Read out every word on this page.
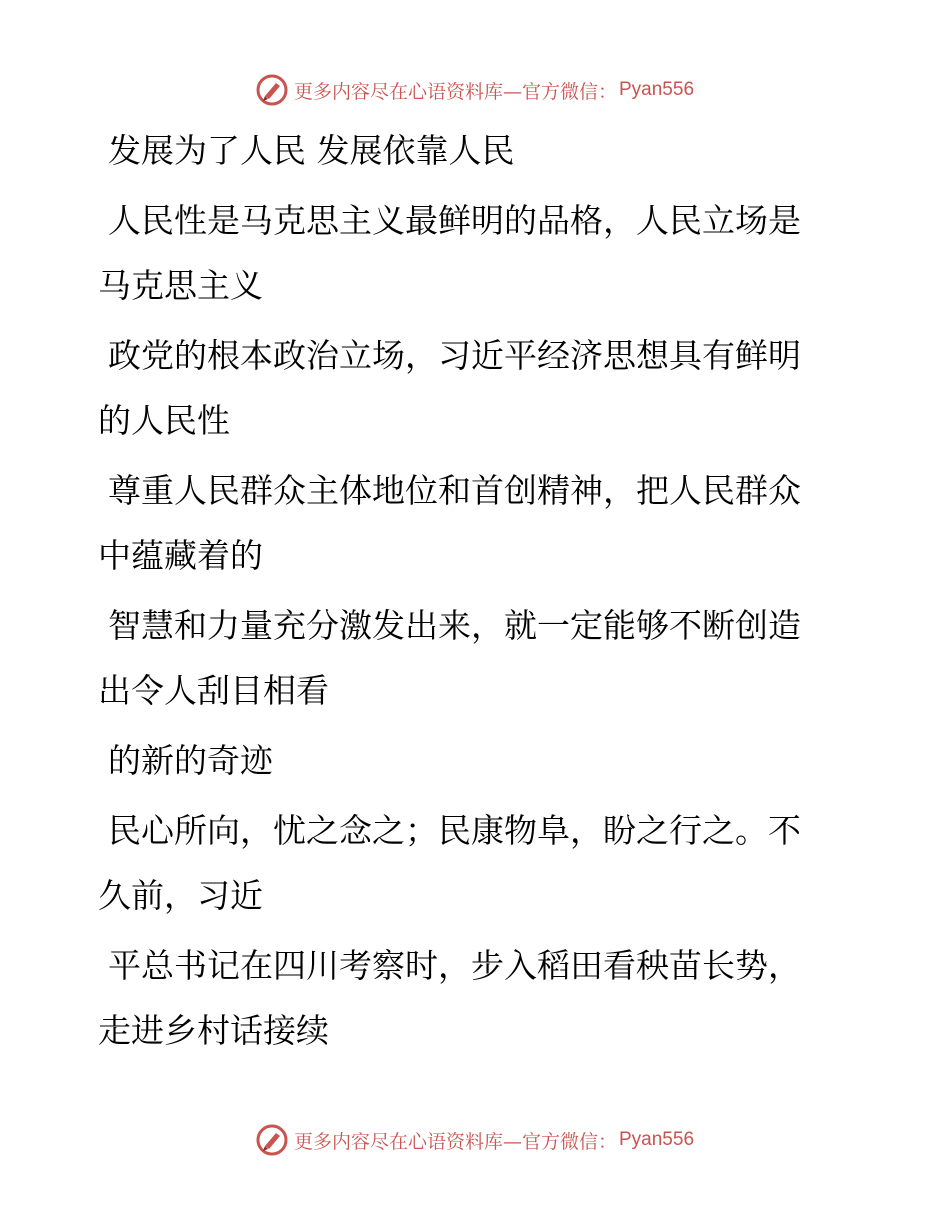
更多内容尽在心语资料库—官方微信： Pyan556
发展为了人民 发展依靠人民
人民性是马克思主义最鲜明的品格，人民立场是
马克思主义
政党的根本政治立场，习近平经济思想具有鲜明
的人民性
尊重人民群众主体地位和首创精神，把人民群众
中蕴藏着的
智慧和力量充分激发出来，就一定能够不断创造
出令人刮目相看
的新的奇迹
民心所向，忧之念之；民康物阜，盼之行之。不
久前，习近
平总书记在四川考察时，步入稻田看秧苗长势，
走进乡村话接续
更多内容尽在心语资料库—官方微信： Pyan556
